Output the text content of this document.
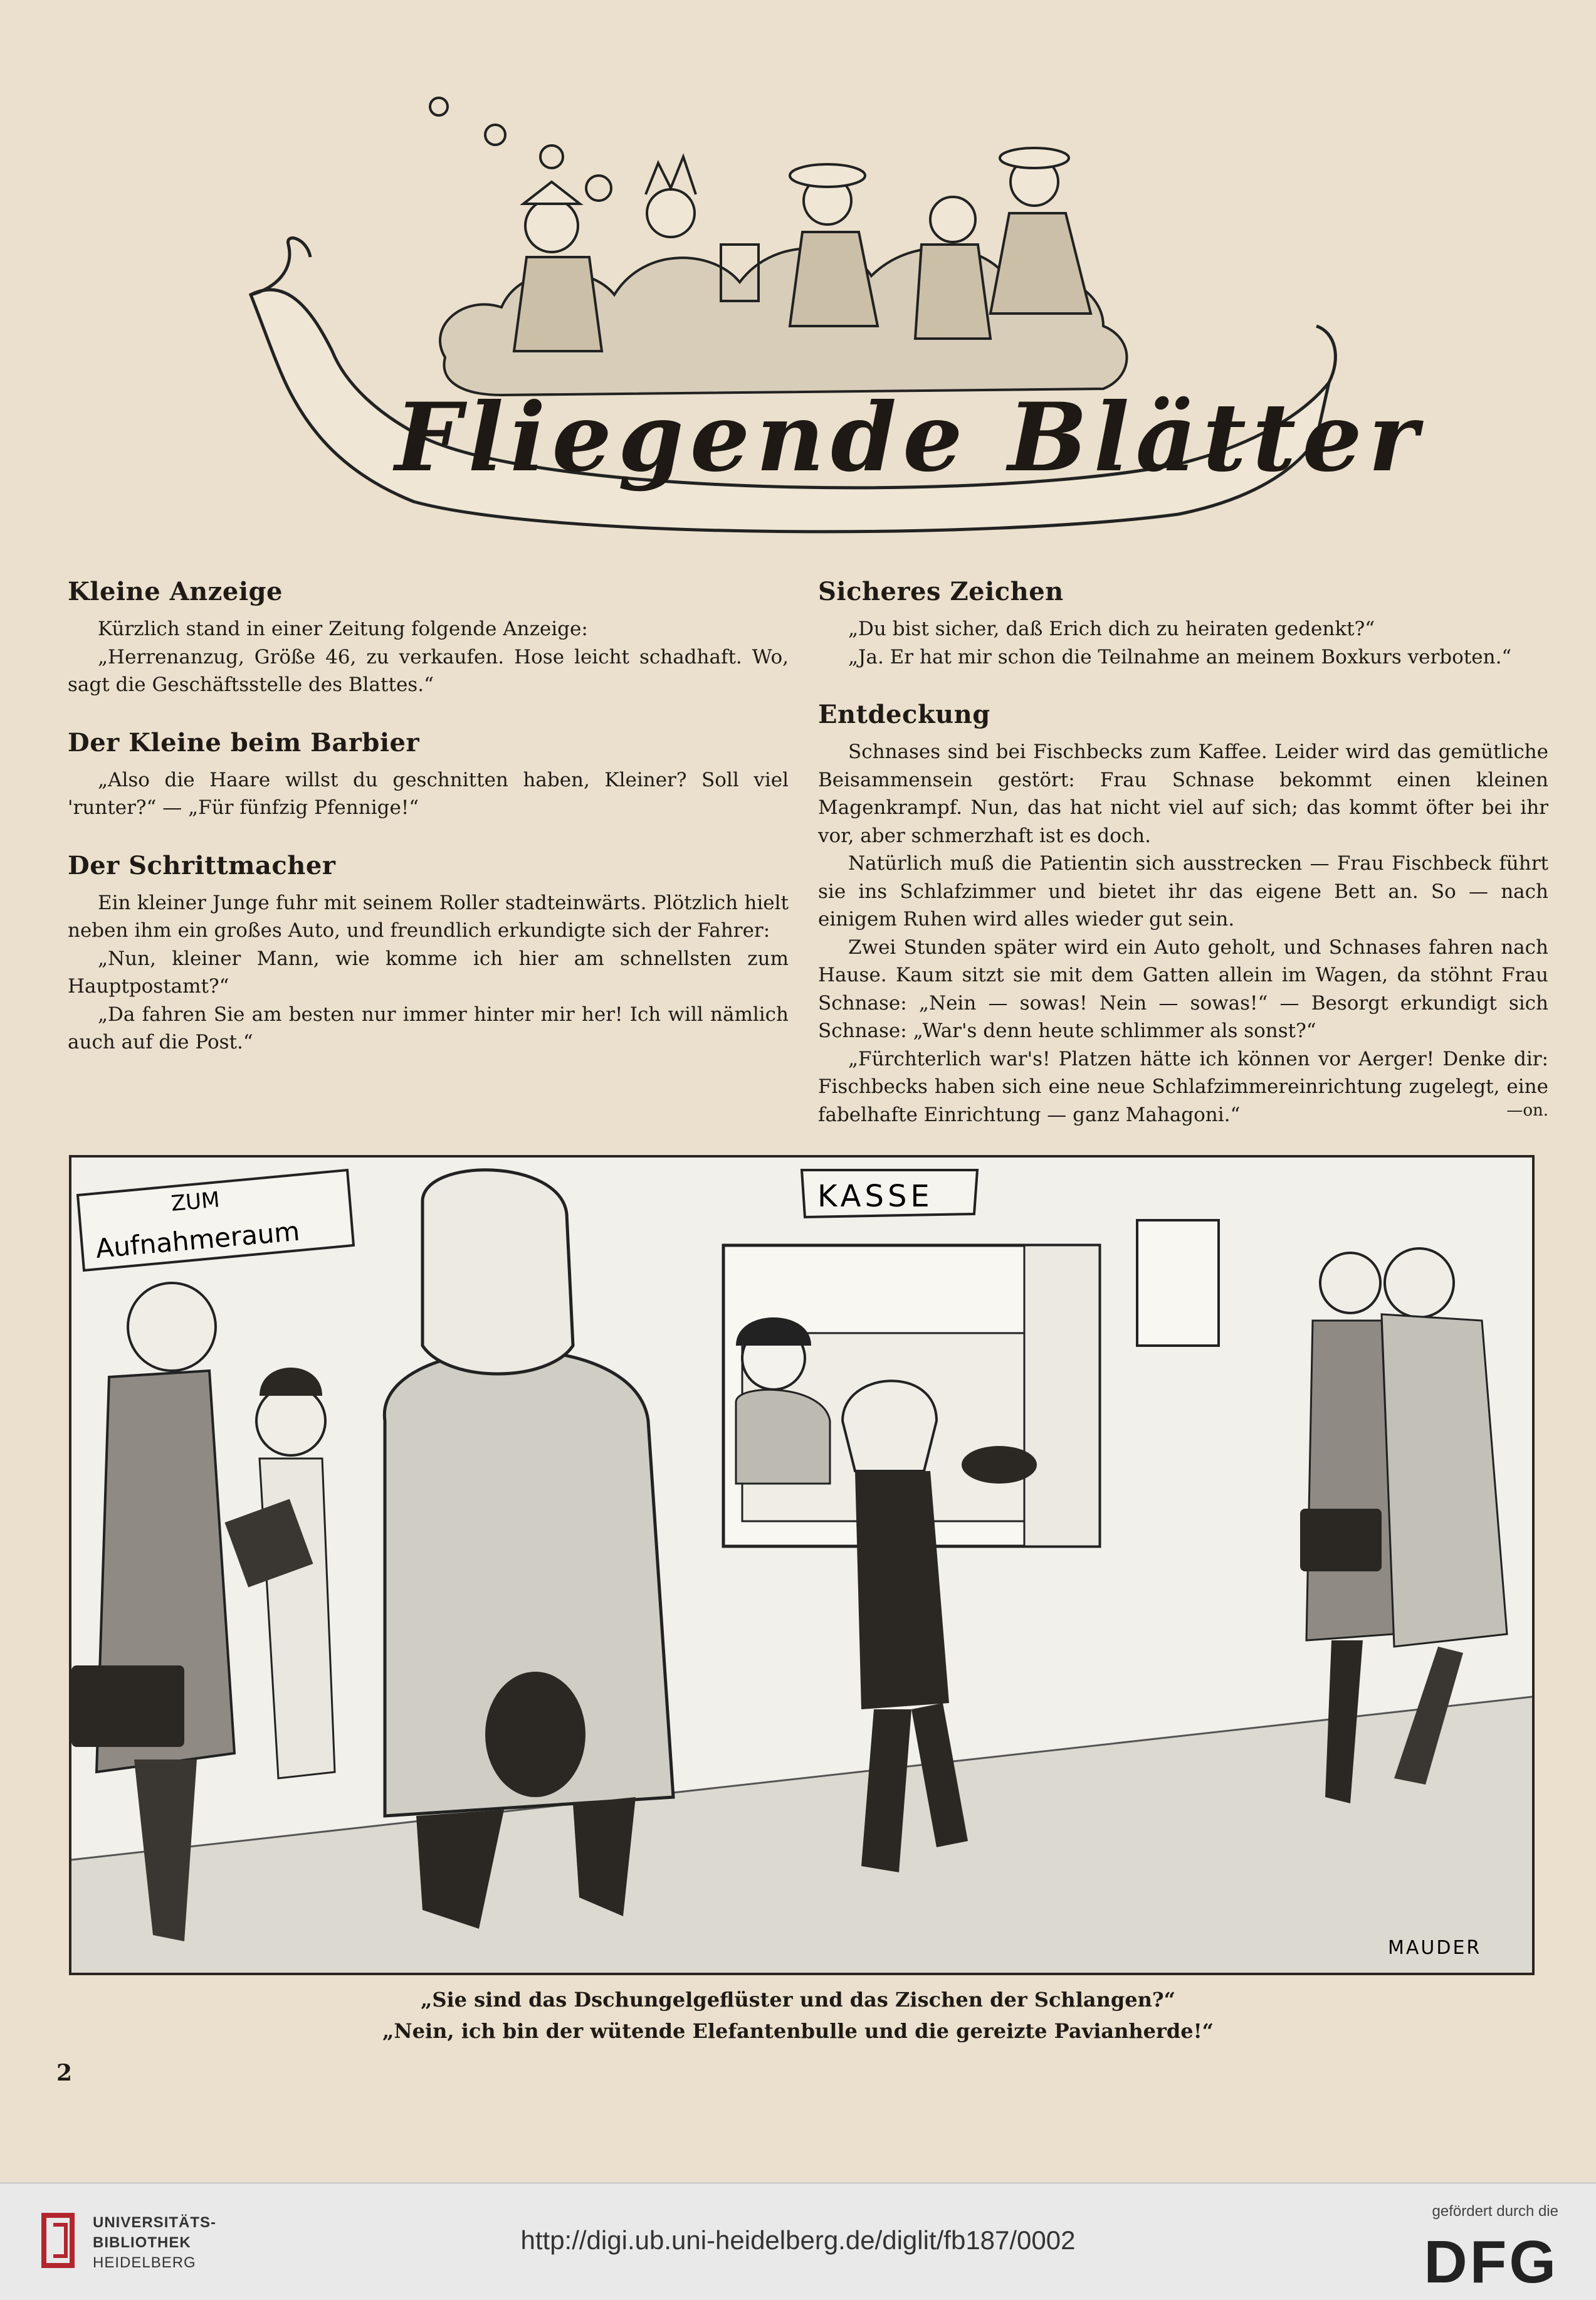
Fliegende Blätter
Kleine Anzeige

Kürzlich stand in einer Zeitung folgende Anzeige:

„Herrenanzug, Größe 46, zu verkaufen. Hose leicht schadhaft. Wo, sagt die Geschäftsstelle des Blattes.“

Der Kleine beim Barbier

„Also die Haare willst du geschnitten haben, Kleiner? Soll viel 'runter?“ — „Für fünfzig Pfennige!“

Der Schrittmacher

Ein kleiner Junge fuhr mit seinem Roller stadteinwärts. Plötzlich hielt neben ihm ein großes Auto, und freundlich erkundigte sich der Fahrer:

„Nun, kleiner Mann, wie komme ich hier am schnellsten zum Hauptpostamt?“

„Da fahren Sie am besten nur immer hinter mir her! Ich will nämlich auch auf die Post.“

Sicheres Zeichen

„Du bist sicher, daß Erich dich zu heiraten gedenkt?“

„Ja. Er hat mir schon die Teilnahme an meinem Boxkurs verboten.“

Entdeckung

Schnases sind bei Fischbecks zum Kaffee. Leider wird das gemütliche Beisammensein gestört: Frau Schnase bekommt einen kleinen Magenkrampf. Nun, das hat nicht viel auf sich; das kommt öfter bei ihr vor, aber schmerzhaft ist es doch.

Natürlich muß die Patientin sich ausstrecken — Frau Fischbeck führt sie ins Schlafzimmer und bietet ihr das eigene Bett an. So — nach einigem Ruhen wird alles wieder gut sein.

Zwei Stunden später wird ein Auto geholt, und Schnases fahren nach Hause. Kaum sitzt sie mit dem Gatten allein im Wagen, da stöhnt Frau Schnase: „Nein — sowas! Nein — sowas!“ — Besorgt erkundigt sich Schnase: „War's denn heute schlimmer als sonst?“

„Fürchterlich war's! Platzen hätte ich können vor Aerger! Denke dir: Fischbecks haben sich eine neue Schlafzimmereinrichtung zugelegt, eine fabelhafte Einrichtung — ganz Mahagoni.“	—on.
ZUM
Aufnahmeraum
KASSE
MAUDER
„Sie sind das Dschungelgeflüster und das Zischen der Schlangen?“
„Nein, ich bin der wütende Elefantenbulle und die gereizte Pavianherde!“
2
UNIVERSITÄTS-
BIBLIOTHEK
HEIDELBERG
http://digi.ub.uni-heidelberg.de/diglit/fb187/0002
gefördert durch die
DFG
